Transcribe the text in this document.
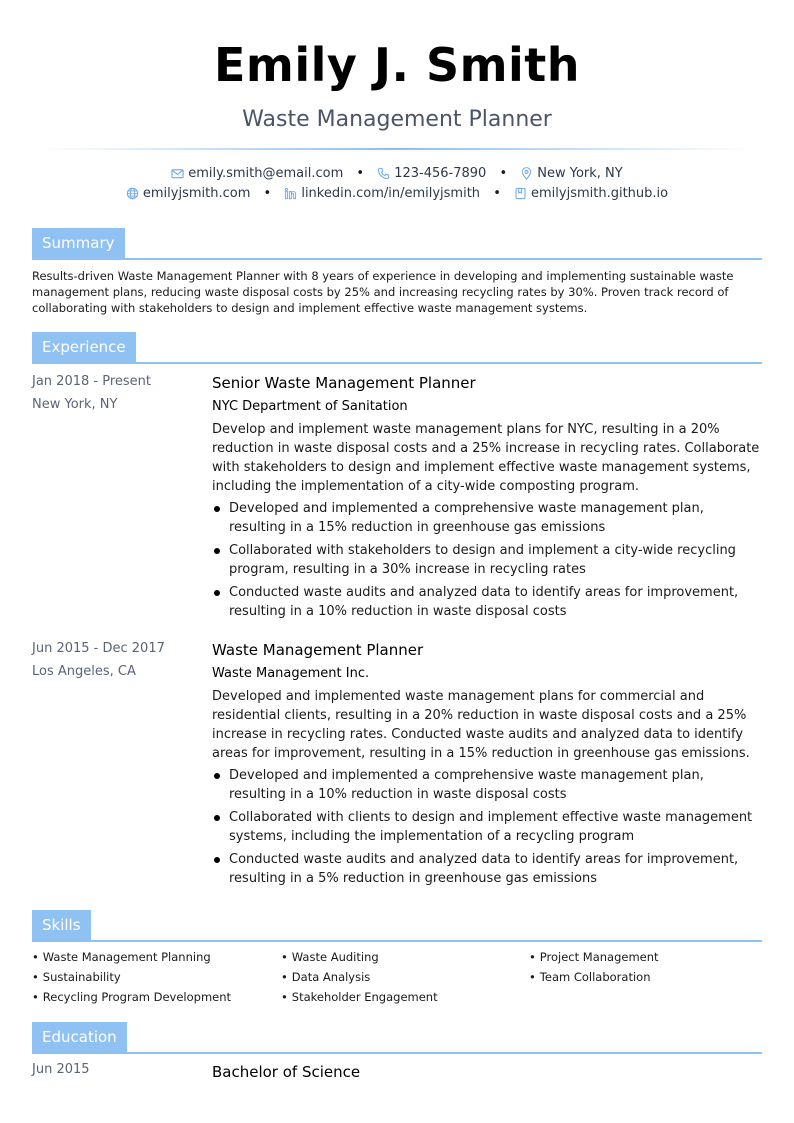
Emily J. Smith
Waste Management Planner
emily.smith@email.com • 123-456-7890 • New York, NY
emilyjsmith.com • linkedin.com/in/emilyjsmith • emilyjsmith.github.io
Summary
Results-driven Waste Management Planner with 8 years of experience in developing and implementing sustainable waste management plans, reducing waste disposal costs by 25% and increasing recycling rates by 30%. Proven track record of collaborating with stakeholders to design and implement effective waste management systems.
Experience
Jan 2018 - Present
New York, NY
Senior Waste Management Planner
NYC Department of Sanitation
Develop and implement waste management plans for NYC, resulting in a 20% reduction in waste disposal costs and a 25% increase in recycling rates. Collaborate with stakeholders to design and implement effective waste management systems, including the implementation of a city-wide composting program.
Developed and implemented a comprehensive waste management plan, resulting in a 15% reduction in greenhouse gas emissions
Collaborated with stakeholders to design and implement a city-wide recycling program, resulting in a 30% increase in recycling rates
Conducted waste audits and analyzed data to identify areas for improvement, resulting in a 10% reduction in waste disposal costs
Jun 2015 - Dec 2017
Los Angeles, CA
Waste Management Planner
Waste Management Inc.
Developed and implemented waste management plans for commercial and residential clients, resulting in a 20% reduction in waste disposal costs and a 25% increase in recycling rates. Conducted waste audits and analyzed data to identify areas for improvement, resulting in a 15% reduction in greenhouse gas emissions.
Developed and implemented a comprehensive waste management plan, resulting in a 10% reduction in waste disposal costs
Collaborated with clients to design and implement effective waste management systems, including the implementation of a recycling program
Conducted waste audits and analyzed data to identify areas for improvement, resulting in a 5% reduction in greenhouse gas emissions
Skills
• Waste Management Planning	• Waste Auditing	• Project Management
• Sustainability	• Data Analysis	• Team Collaboration
• Recycling Program Development	• Stakeholder Engagement
Education
Jun 2015	Bachelor of Science
